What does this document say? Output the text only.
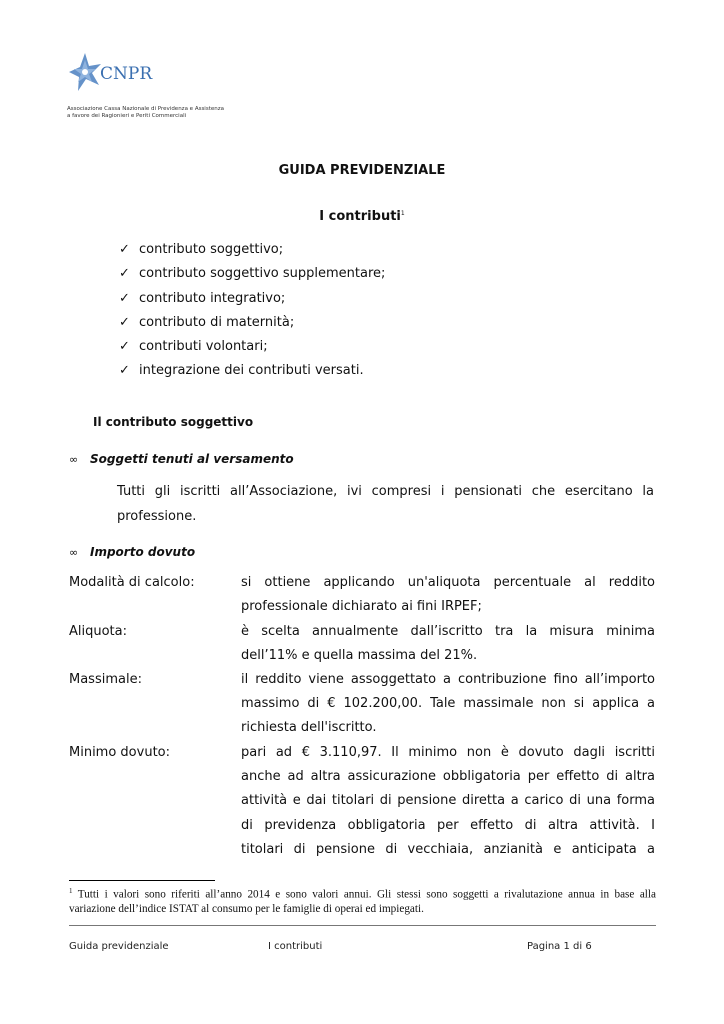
CNPR
Associazione Cassa Nazionale di Previdenza e Assistenza
a favore dei Ragionieri e Periti Commerciali
GUIDA PREVIDENZIALE
I contributi$^1$
✓ contributo soggettivo;
✓ contributo soggettivo supplementare;
✓ contributo integrativo;
✓ contributo di maternità;
✓ contributi volontari;
✓ integrazione dei contributi versati.
Il contributo soggettivo
∞ Soggetti tenuti al versamento
Tutti gli iscritti all’Associazione, ivi compresi i pensionati che esercitano la
professione.
∞ Importo dovuto
Modalità di calcolo:	si ottiene applicando un'aliquota percentuale al reddito
professionale dichiarato ai fini IRPEF;
Aliquota:	è scelta annualmente dall’iscritto tra la misura minima
dell’11% e quella massima del 21%.
Massimale:	il reddito viene assoggettato a contribuzione fino all’importo
massimo di € 102.200,00. Tale massimale non si applica a
richiesta dell'iscritto.
Minimo dovuto:	pari ad € 3.110,97. Il minimo non è dovuto dagli iscritti
anche ad altra assicurazione obbligatoria per effetto di altra
attività e dai titolari di pensione diretta a carico di una forma
di previdenza obbligatoria per effetto di altra attività. I
titolari di pensione di vecchiaia, anzianità e anticipata a
$^1$ Tutti i valori sono riferiti all’anno 2014 e sono valori annui. Gli stessi sono soggetti a rivalutazione annua in base alla
variazione dell’indice ISTAT al consumo per le famiglie di operai ed impiegati.
Guida previdenziale	I contributi	Pagina 1 di 6
